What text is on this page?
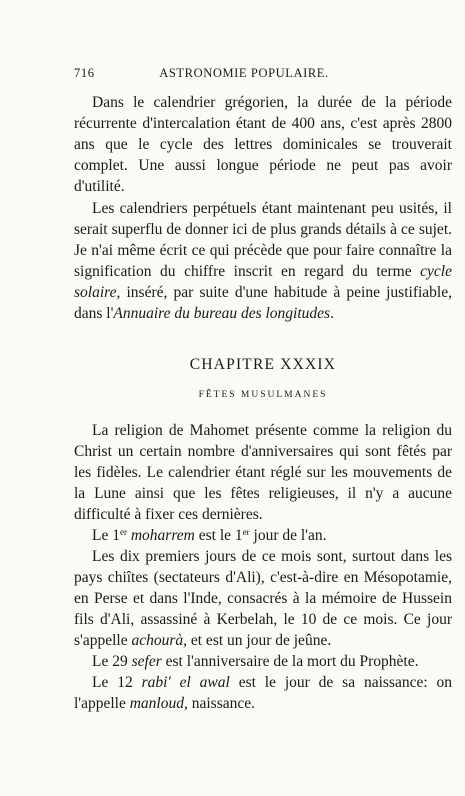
716	ASTRONOMIE POPULAIRE.

Dans le calendrier grégorien, la durée de la période récurrente d'intercalation étant de 400 ans, c'est après 2800 ans que le cycle des lettres dominicales se trouverait complet. Une aussi longue période ne peut pas avoir d'utilité.

Les calendriers perpétuels étant maintenant peu usités, il serait superflu de donner ici de plus grands détails à ce sujet. Je n'ai même écrit ce qui précède que pour faire connaître la signification du chiffre inscrit en regard du terme cycle solaire, inséré, par suite d'une habitude à peine justifiable, dans l'Annuaire du bureau des longitudes.

CHAPITRE XXXIX
FÊTES MUSULMANES

La religion de Mahomet présente comme la religion du Christ un certain nombre d'anniversaires qui sont fêtés par les fidèles. Le calendrier étant réglé sur les mouvements de la Lune ainsi que les fêtes religieuses, il n'y a aucune difficulté à fixer ces dernières.

Le 1er moharrem est le 1er jour de l'an.

Les dix premiers jours de ce mois sont, surtout dans les pays chiîtes (sectateurs d'Ali), c'est-à-dire en Mésopotamie, en Perse et dans l'Inde, consacrés à la mémoire de Hussein fils d'Ali, assassiné à Kerbelah, le 10 de ce mois. Ce jour s'appelle achourà, et est un jour de jeûne.

Le 29 sefer est l'anniversaire de la mort du Prophète.

Le 12 rabi' el awal est le jour de sa naissance: on l'appelle manloud, naissance.
